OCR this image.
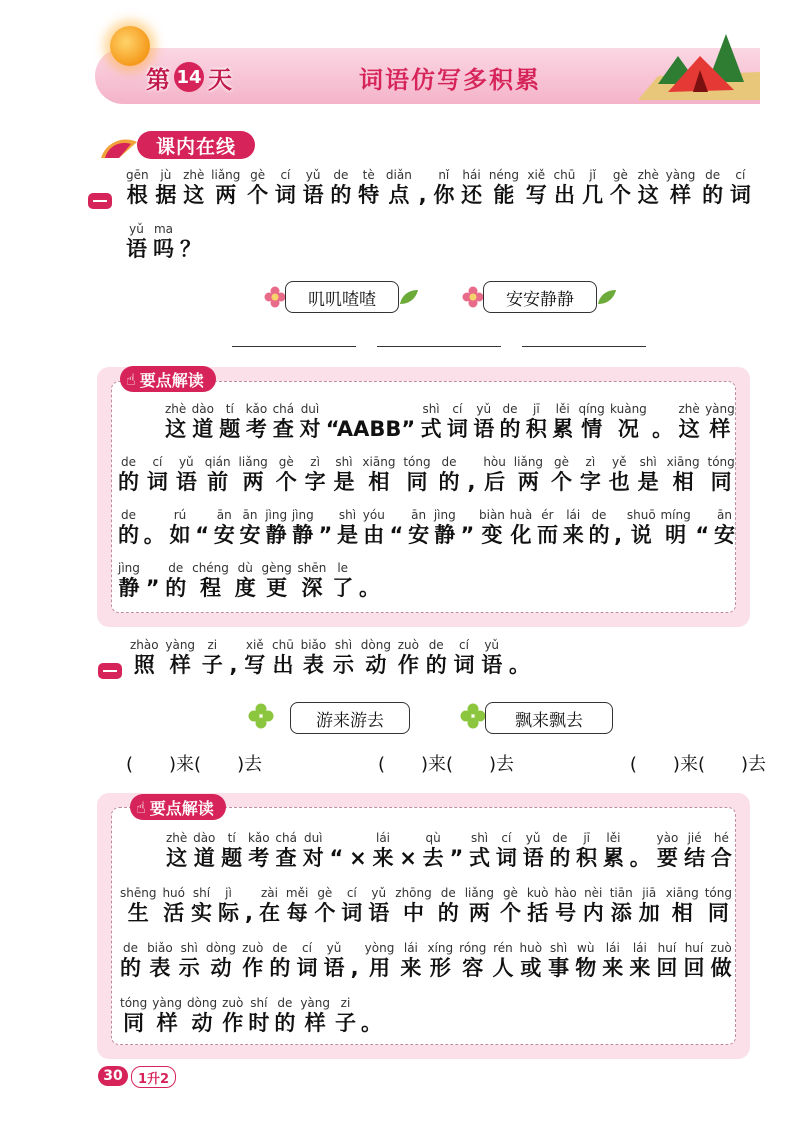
第 14 天	词语仿写多积累
课内在线
gēn
根
jù
据
zhè
这
liǎng
两
gè
个
cí
词
yǔ
语
de
的
tè
特
diǎn
点 ,
nǐ
你
hái
还
néng
能
xiě
写
chū
出
jǐ
几
gè
个
zhè
这
yàng
样
de
的
cí
词
yǔ
语
ma
吗 ？
叽叽喳喳	安安静静
☝ 要点解读
zhè
这
dào
道
tí
题
kǎo
考
chá
查
duì
对 “AABB”
shì
式
cí
词
yǔ
语
de
的
jī
积
lěi
累
qíng
情
kuàng
况 。
zhè
这
yàng
样
de
的
cí
词
yǔ
语
qián
前
liǎng
两
gè
个
zì
字
shì
是
xiāng
相
tóng
同
de
的 ,
hòu
后
liǎng
两
gè
个
zì
字
yě
也
shì
是
xiāng
相
tóng
同
de
的 。
rú
如 “
ān
安
ān
安
jìng
静
jìng
静 ”
shì
是
yóu
由 “
ān
安
jìng
静 ”
biàn
变
huà
化
ér
而
lái
来
de
的 ,
shuō
说
míng
明 “
ān
安
jìng
静 ”
de
的
chéng
程
dù
度
gèng
更
shēn
深
le
了 。
zhào
照
yàng
样
zi
子 ,
xiě
写
chū
出
biǎo
表
shì
示
dòng
动
zuò
作
de
的
cí
词
yǔ
语 。
游来游去	飘来飘去
(　　)来(　　)去	(　　)来(　　)去	(　　)来(　　)去
☝ 要点解读
zhè
这
dào
道
tí
题
kǎo
考
chá
查
duì
对 “ ×
lái
来 ×
qù
去 ”
shì
式
cí
词
yǔ
语
de
的
jī
积
lěi
累 。
yào
要
jié
结
hé
合
shēng
生
huó
活
shí
实
jì
际 ,
zài
在
měi
每
gè
个
cí
词
yǔ
语
zhōng
中
de
的
liǎng
两
gè
个
kuò
括
hào
号
nèi
内
tiān
添
jiā
加
xiāng
相
tóng
同
de
的
biǎo
表
shì
示
dòng
动
zuò
作
de
的
cí
词
yǔ
语 ,
yòng
用
lái
来
xíng
形
róng
容
rén
人
huò
或
shì
事
wù
物
lái
来
lái
来
huí
回
huí
回
zuò
做
tóng
同
yàng
样
dòng
动
zuò
作
shí
时
de
的
yàng
样
zi
子 。
30	1升2
